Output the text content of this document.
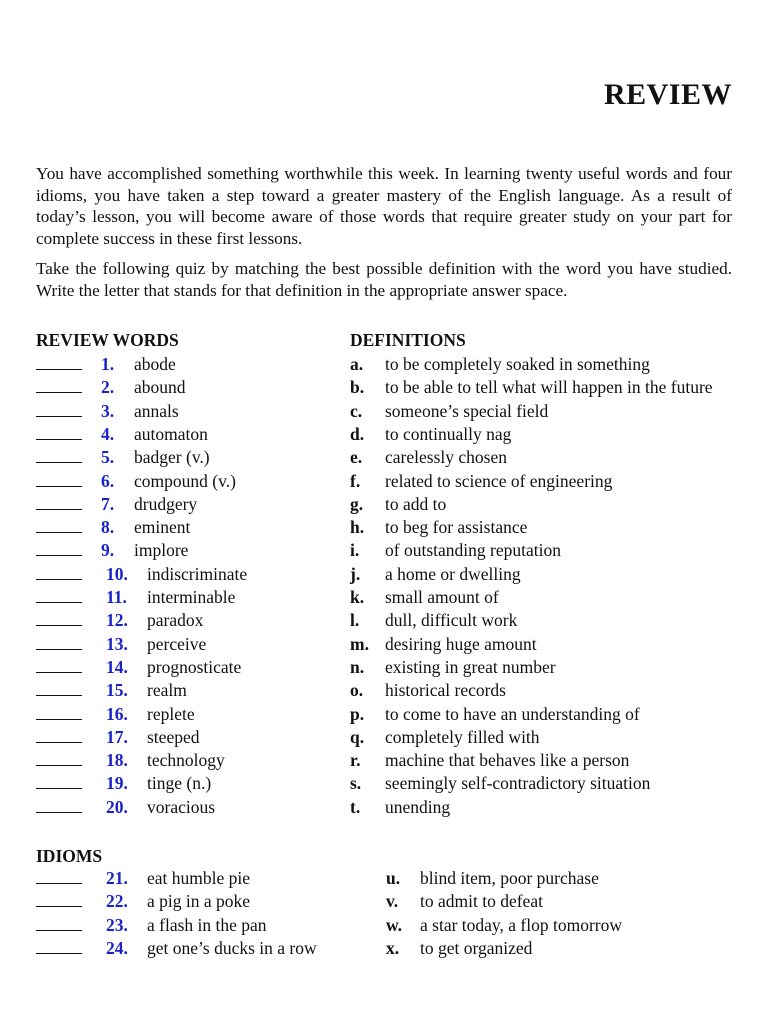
REVIEW

You have accomplished something worthwhile this week. In learning twenty useful words and four idioms, you have taken a step toward a greater mastery of the English language. As a result of today’s lesson, you will become aware of those words that require greater study on your part for complete success in these first lessons.

Take the following quiz by matching the best possible definition with the word you have studied. Write the letter that stands for that definition in the appropriate answer space.

REVIEW WORDS	DEFINITIONS
1. abode	a. to be completely soaked in something
2. abound	b. to be able to tell what will happen in the future
3. annals	c. someone’s special field
4. automaton	d. to continually nag
5. badger (v.)	e. carelessly chosen
6. compound (v.)	f. related to science of engineering
7. drudgery	g. to add to
8. eminent	h. to beg for assistance
9. implore	i. of outstanding reputation
10. indiscriminate	j. a home or dwelling
11. interminable	k. small amount of
12. paradox	l. dull, difficult work
13. perceive	m. desiring huge amount
14. prognosticate	n. existing in great number
15. realm	o. historical records
16. replete	p. to come to have an understanding of
17. steeped	q. completely filled with
18. technology	r. machine that behaves like a person
19. tinge (n.)	s. seemingly self-contradictory situation
20. voracious	t. unending
IDIOMS
21. eat humble pie	u. blind item, poor purchase
22. a pig in a poke	v. to admit to defeat
23. a flash in the pan	w. a star today, a flop tomorrow
24. get one’s ducks in a row	x. to get organized
